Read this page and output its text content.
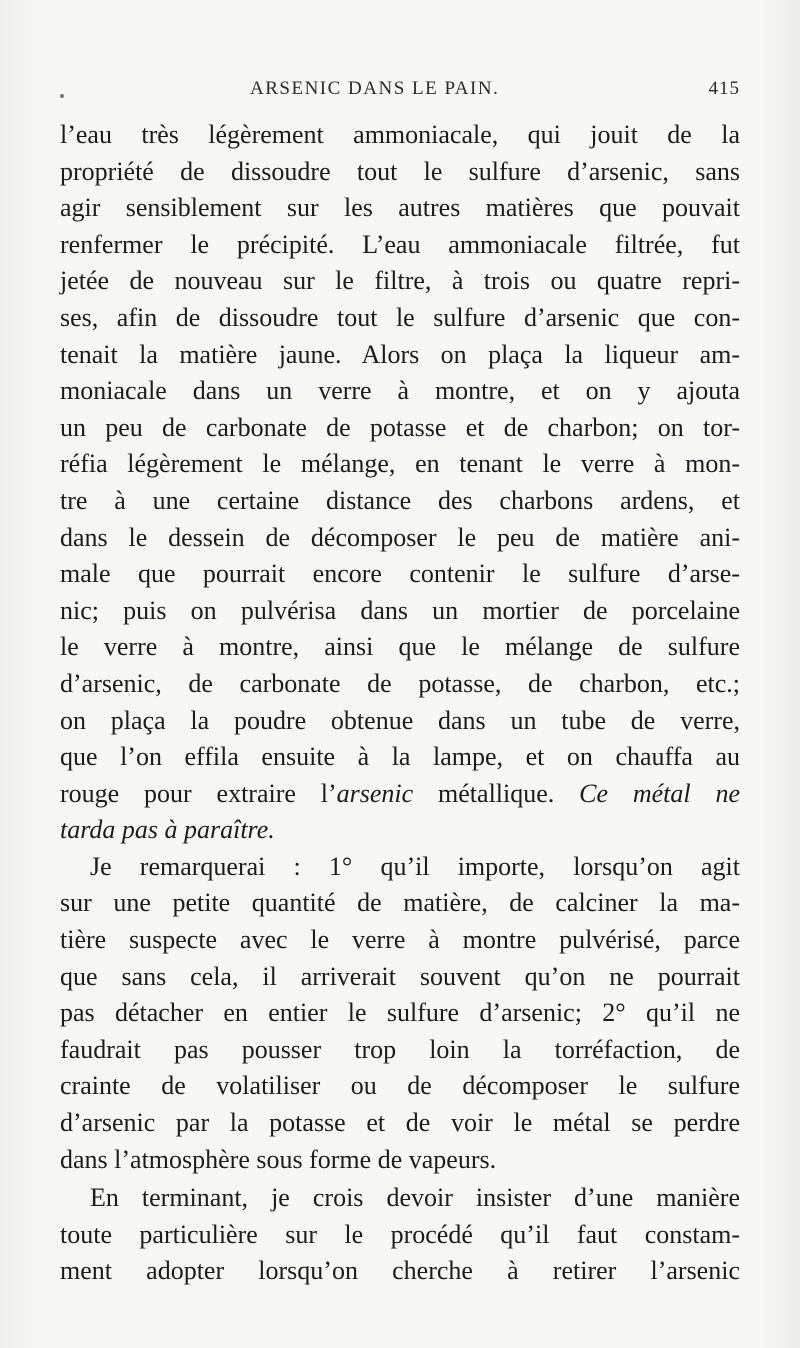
ARSENIC DANS LE PAIN.	415
l’eau très légèrement ammoniacale, qui jouit de la
propriété de dissoudre tout le sulfure d’arsenic, sans
agir sensiblement sur les autres matières que pouvait
renfermer le précipité. L’eau ammoniacale filtrée, fut
jetée de nouveau sur le filtre, à trois ou quatre repri-
ses, afin de dissoudre tout le sulfure d’arsenic que con-
tenait la matière jaune. Alors on plaça la liqueur am-
moniacale dans un verre à montre, et on y ajouta
un peu de carbonate de potasse et de charbon; on tor-
réfia légèrement le mélange, en tenant le verre à mon-
tre à une certaine distance des charbons ardens, et
dans le dessein de décomposer le peu de matière ani-
male que pourrait encore contenir le sulfure d’arse-
nic; puis on pulvérisa dans un mortier de porcelaine
le verre à montre, ainsi que le mélange de sulfure
d’arsenic, de carbonate de potasse, de charbon, etc.;
on plaça la poudre obtenue dans un tube de verre,
que l’on effila ensuite à la lampe, et on chauffa au
rouge pour extraire l’arsenic métallique. Ce métal ne
tarda pas à paraître.
Je remarquerai : 1° qu’il importe, lorsqu’on agit
sur une petite quantité de matière, de calciner la ma-
tière suspecte avec le verre à montre pulvérisé, parce
que sans cela, il arriverait souvent qu’on ne pourrait
pas détacher en entier le sulfure d’arsenic; 2° qu’il ne
faudrait pas pousser trop loin la torréfaction, de
crainte de volatiliser ou de décomposer le sulfure
d’arsenic par la potasse et de voir le métal se perdre
dans l’atmosphère sous forme de vapeurs.
En terminant, je crois devoir insister d’une manière
toute particulière sur le procédé qu’il faut constam-
ment adopter lorsqu’on cherche à retirer l’arsenic
